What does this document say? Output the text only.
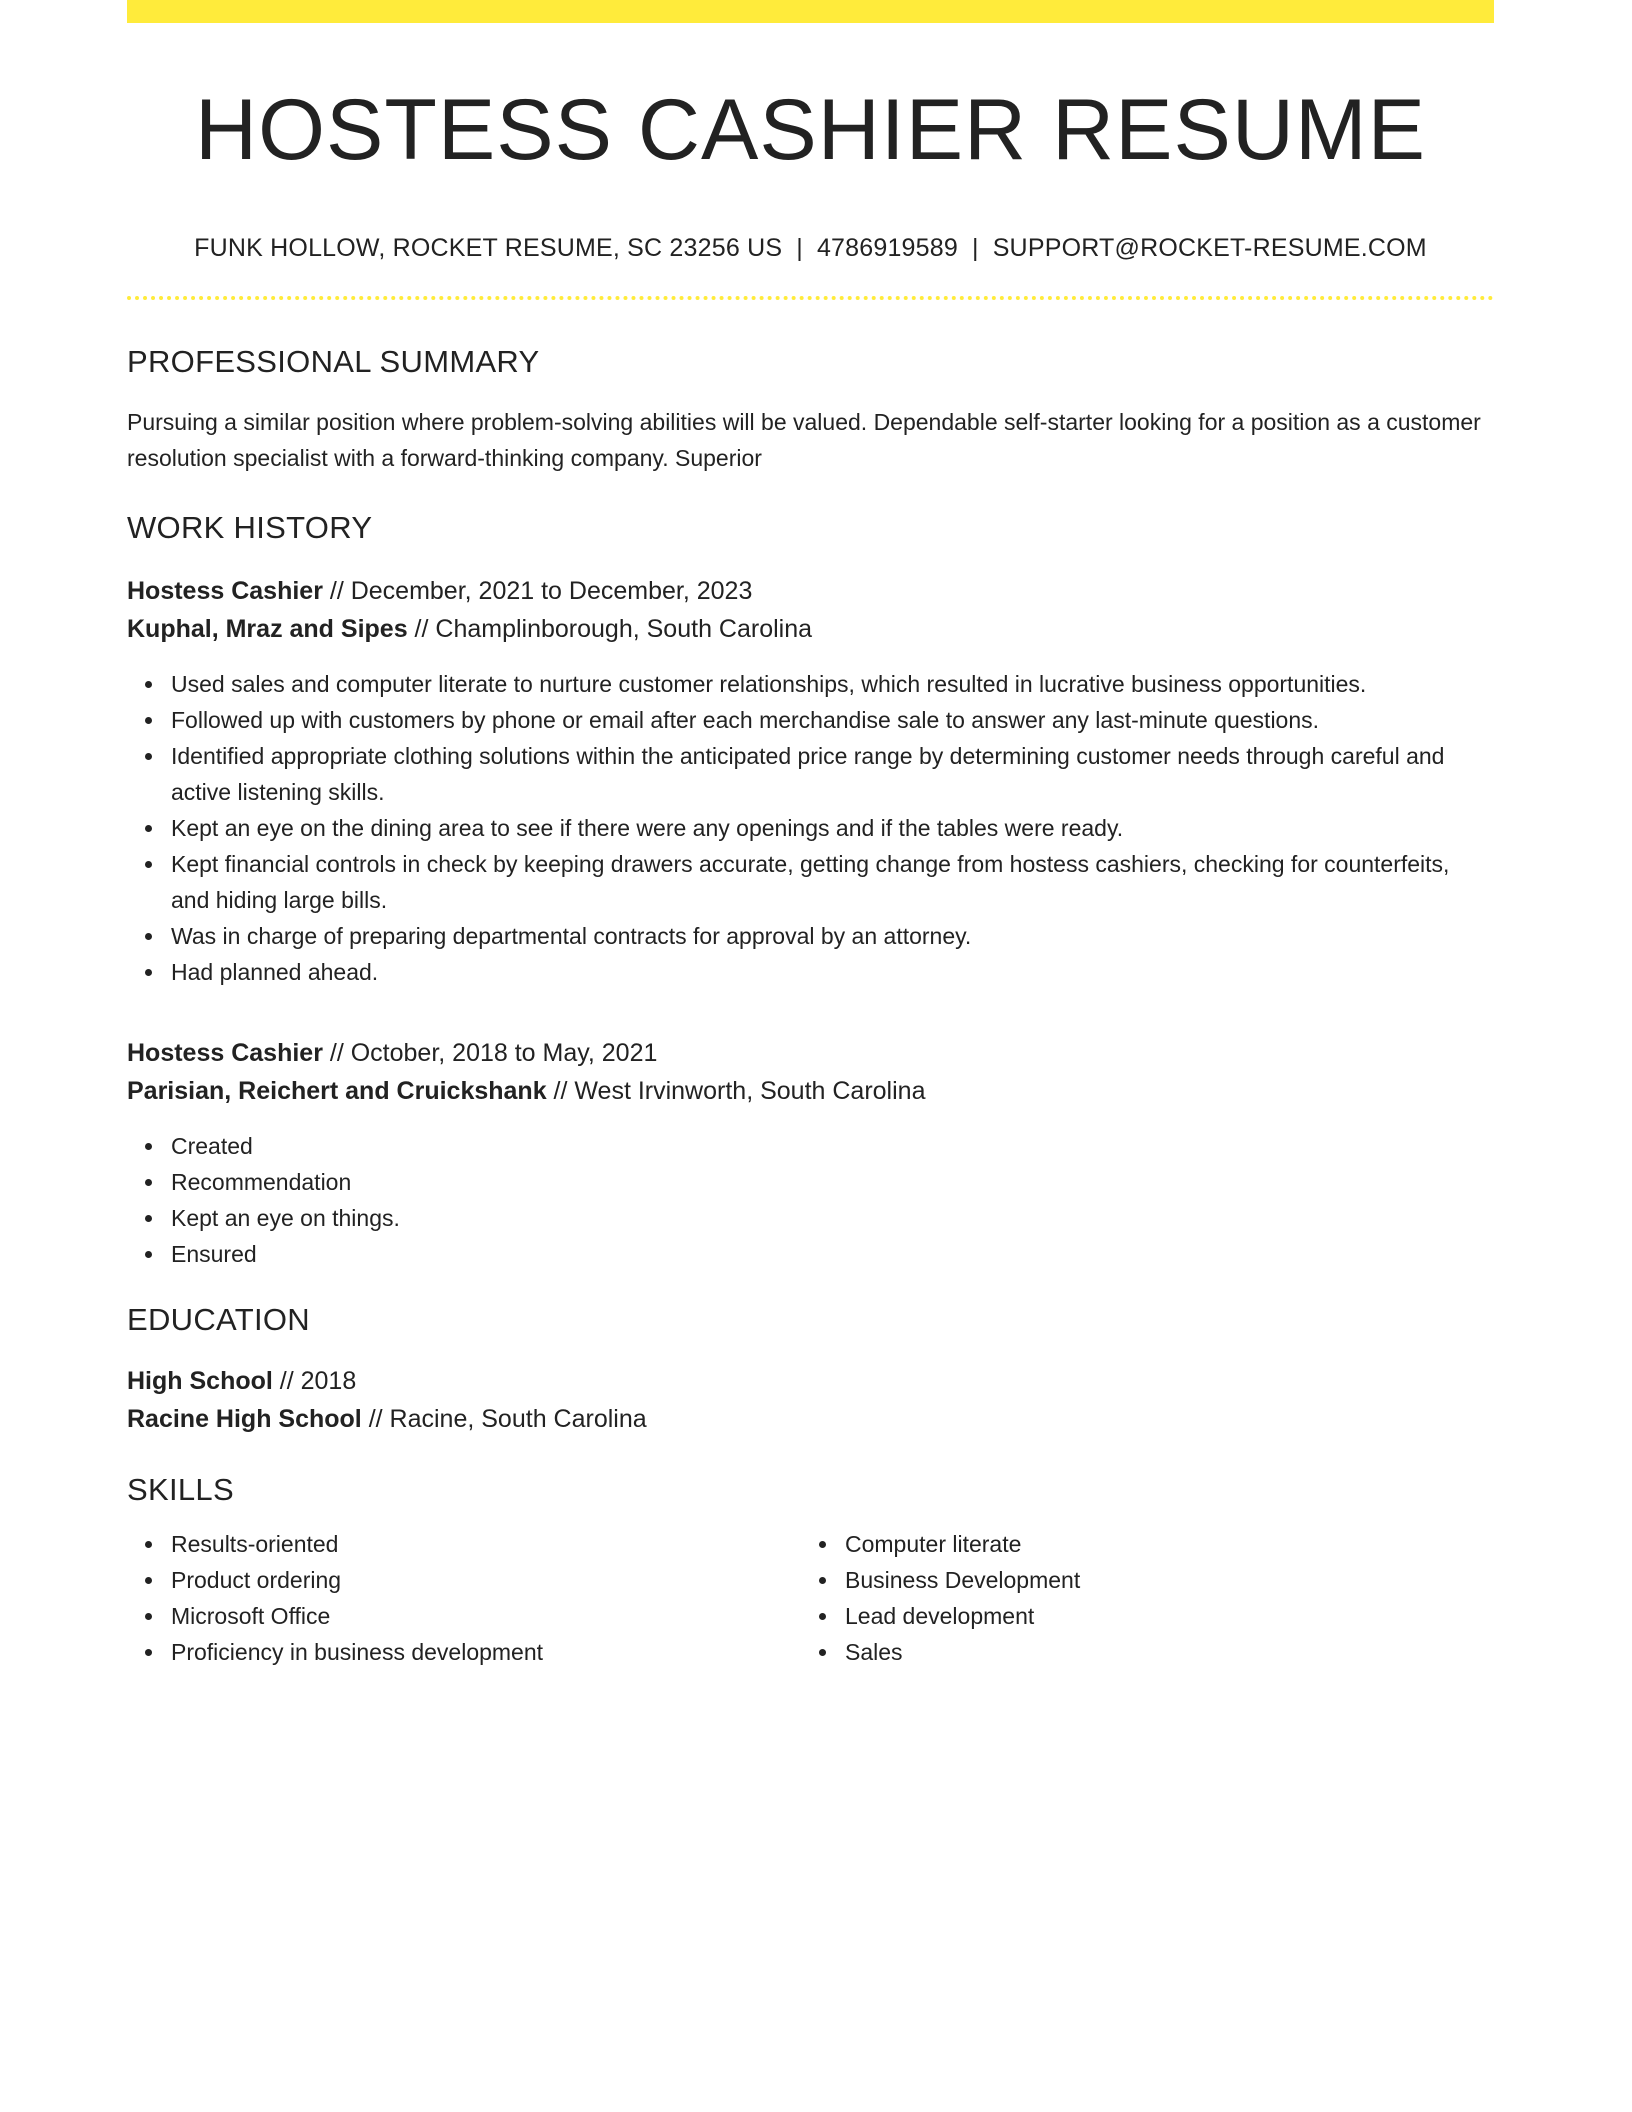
HOSTESS CASHIER RESUME
FUNK HOLLOW, ROCKET RESUME, SC 23256 US | 4786919589 | SUPPORT@ROCKET-RESUME.COM
PROFESSIONAL SUMMARY
Pursuing a similar position where problem-solving abilities will be valued. Dependable self-starter looking for a position as a customer resolution specialist with a forward-thinking company. Superior
WORK HISTORY
Hostess Cashier // December, 2021 to December, 2023
Kuphal, Mraz and Sipes // Champlinborough, South Carolina
Used sales and computer literate to nurture customer relationships, which resulted in lucrative business opportunities.
Followed up with customers by phone or email after each merchandise sale to answer any last-minute questions.
Identified appropriate clothing solutions within the anticipated price range by determining customer needs through careful and active listening skills.
Kept an eye on the dining area to see if there were any openings and if the tables were ready.
Kept financial controls in check by keeping drawers accurate, getting change from hostess cashiers, checking for counterfeits, and hiding large bills.
Was in charge of preparing departmental contracts for approval by an attorney.
Had planned ahead.
Hostess Cashier // October, 2018 to May, 2021
Parisian, Reichert and Cruickshank // West Irvinworth, South Carolina
Created
Recommendation
Kept an eye on things.
Ensured
EDUCATION
High School // 2018
Racine High School // Racine, South Carolina
SKILLS
Results-oriented
Product ordering
Microsoft Office
Proficiency in business development
Computer literate
Business Development
Lead development
Sales
